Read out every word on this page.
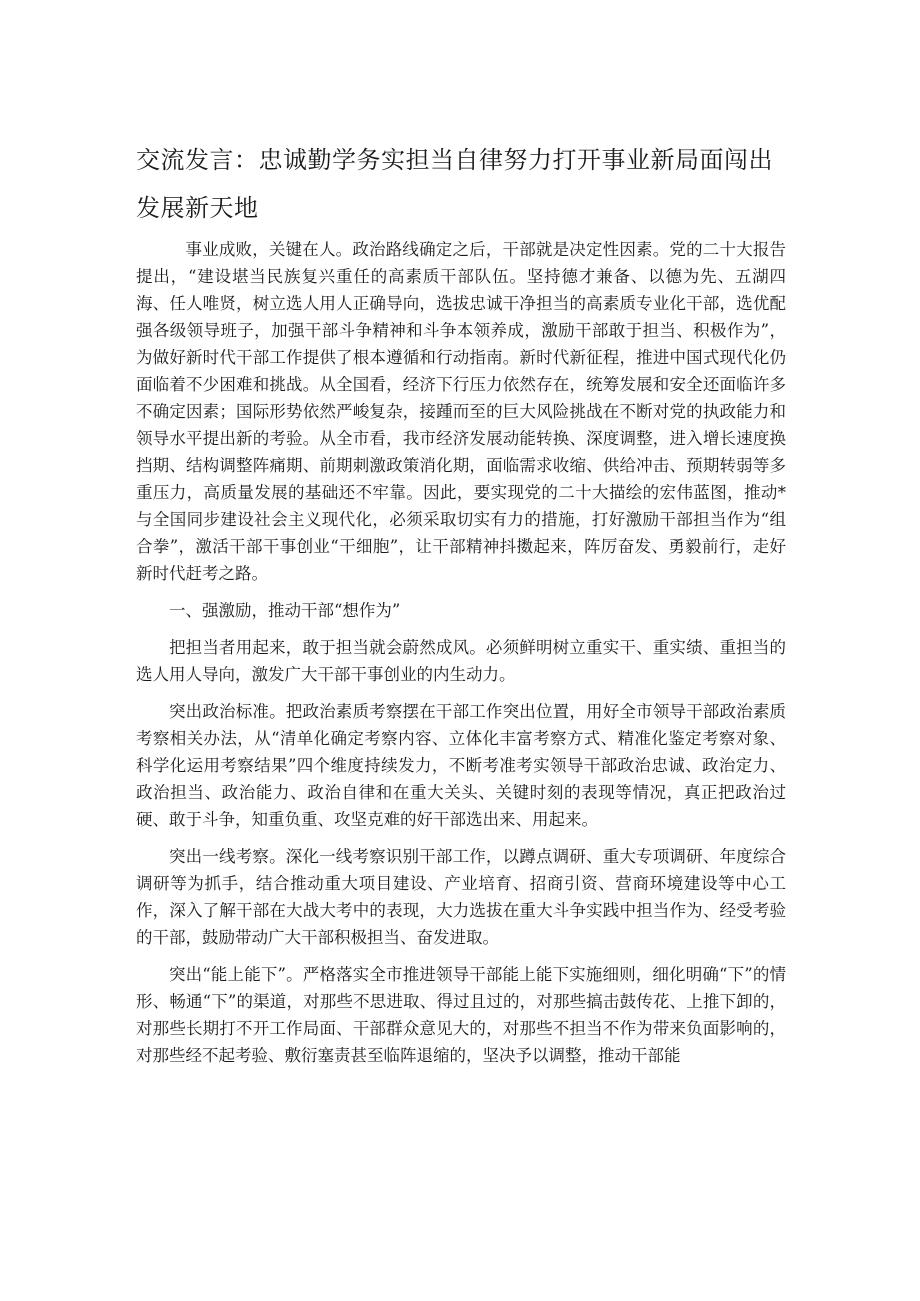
交流发言：忠诚勤学务实担当自律努力打开事业新局面闯出发展新天地

事业成败，关键在人。政治路线确定之后，干部就是决定性因素。党的二十大报告提出，“建设堪当民族复兴重任的高素质干部队伍。坚持德才兼备、以德为先、五湖四海、任人唯贤，树立选人用人正确导向，选拔忠诚干净担当的高素质专业化干部，选优配强各级领导班子，加强干部斗争精神和斗争本领养成，激励干部敢于担当、积极作为”，为做好新时代干部工作提供了根本遵循和行动指南。新时代新征程，推进中国式现代化仍面临着不少困难和挑战。从全国看，经济下行压力依然存在，统筹发展和安全还面临许多不确定因素；国际形势依然严峻复杂，接踵而至的巨大风险挑战在不断对党的执政能力和领导水平提出新的考验。从全市看，我市经济发展动能转换、深度调整，进入增长速度换挡期、结构调整阵痛期、前期刺激政策消化期，面临需求收缩、供给冲击、预期转弱等多重压力，高质量发展的基础还不牢靠。因此，要实现党的二十大描绘的宏伟蓝图，推动*与全国同步建设社会主义现代化，必须采取切实有力的措施，打好激励干部担当作为“组合拳”，激活干部干事创业“干细胞”，让干部精神抖擞起来，阵厉奋发、勇毅前行，走好新时代赶考之路。

一、强激励，推动干部“想作为”

把担当者用起来，敢于担当就会蔚然成风。必须鲜明树立重实干、重实绩、重担当的选人用人导向，激发广大干部干事创业的内生动力。

突出政治标准。把政治素质考察摆在干部工作突出位置，用好全市领导干部政治素质考察相关办法，从“清单化确定考察内容、立体化丰富考察方式、精准化鉴定考察对象、科学化运用考察结果”四个维度持续发力，不断考准考实领导干部政治忠诚、政治定力、政治担当、政治能力、政治自律和在重大关头、关键时刻的表现等情况，真正把政治过硬、敢于斗争，知重负重、攻坚克难的好干部选出来、用起来。

突出一线考察。深化一线考察识别干部工作，以蹲点调研、重大专项调研、年度综合调研等为抓手，结合推动重大项目建设、产业培育、招商引资、营商环境建设等中心工作，深入了解干部在大战大考中的表现，大力选拔在重大斗争实践中担当作为、经受考验的干部，鼓励带动广大干部积极担当、奋发进取。

突出“能上能下”。严格落实全市推进领导干部能上能下实施细则，细化明确“下”的情形、畅通“下”的渠道，对那些不思进取、得过且过的，对那些搞击鼓传花、上推下卸的，对那些长期打不开工作局面、干部群众意见大的，对那些不担当不作为带来负面影响的，对那些经不起考验、敷衍塞责甚至临阵退缩的，坚决予以调整，推动干部能
